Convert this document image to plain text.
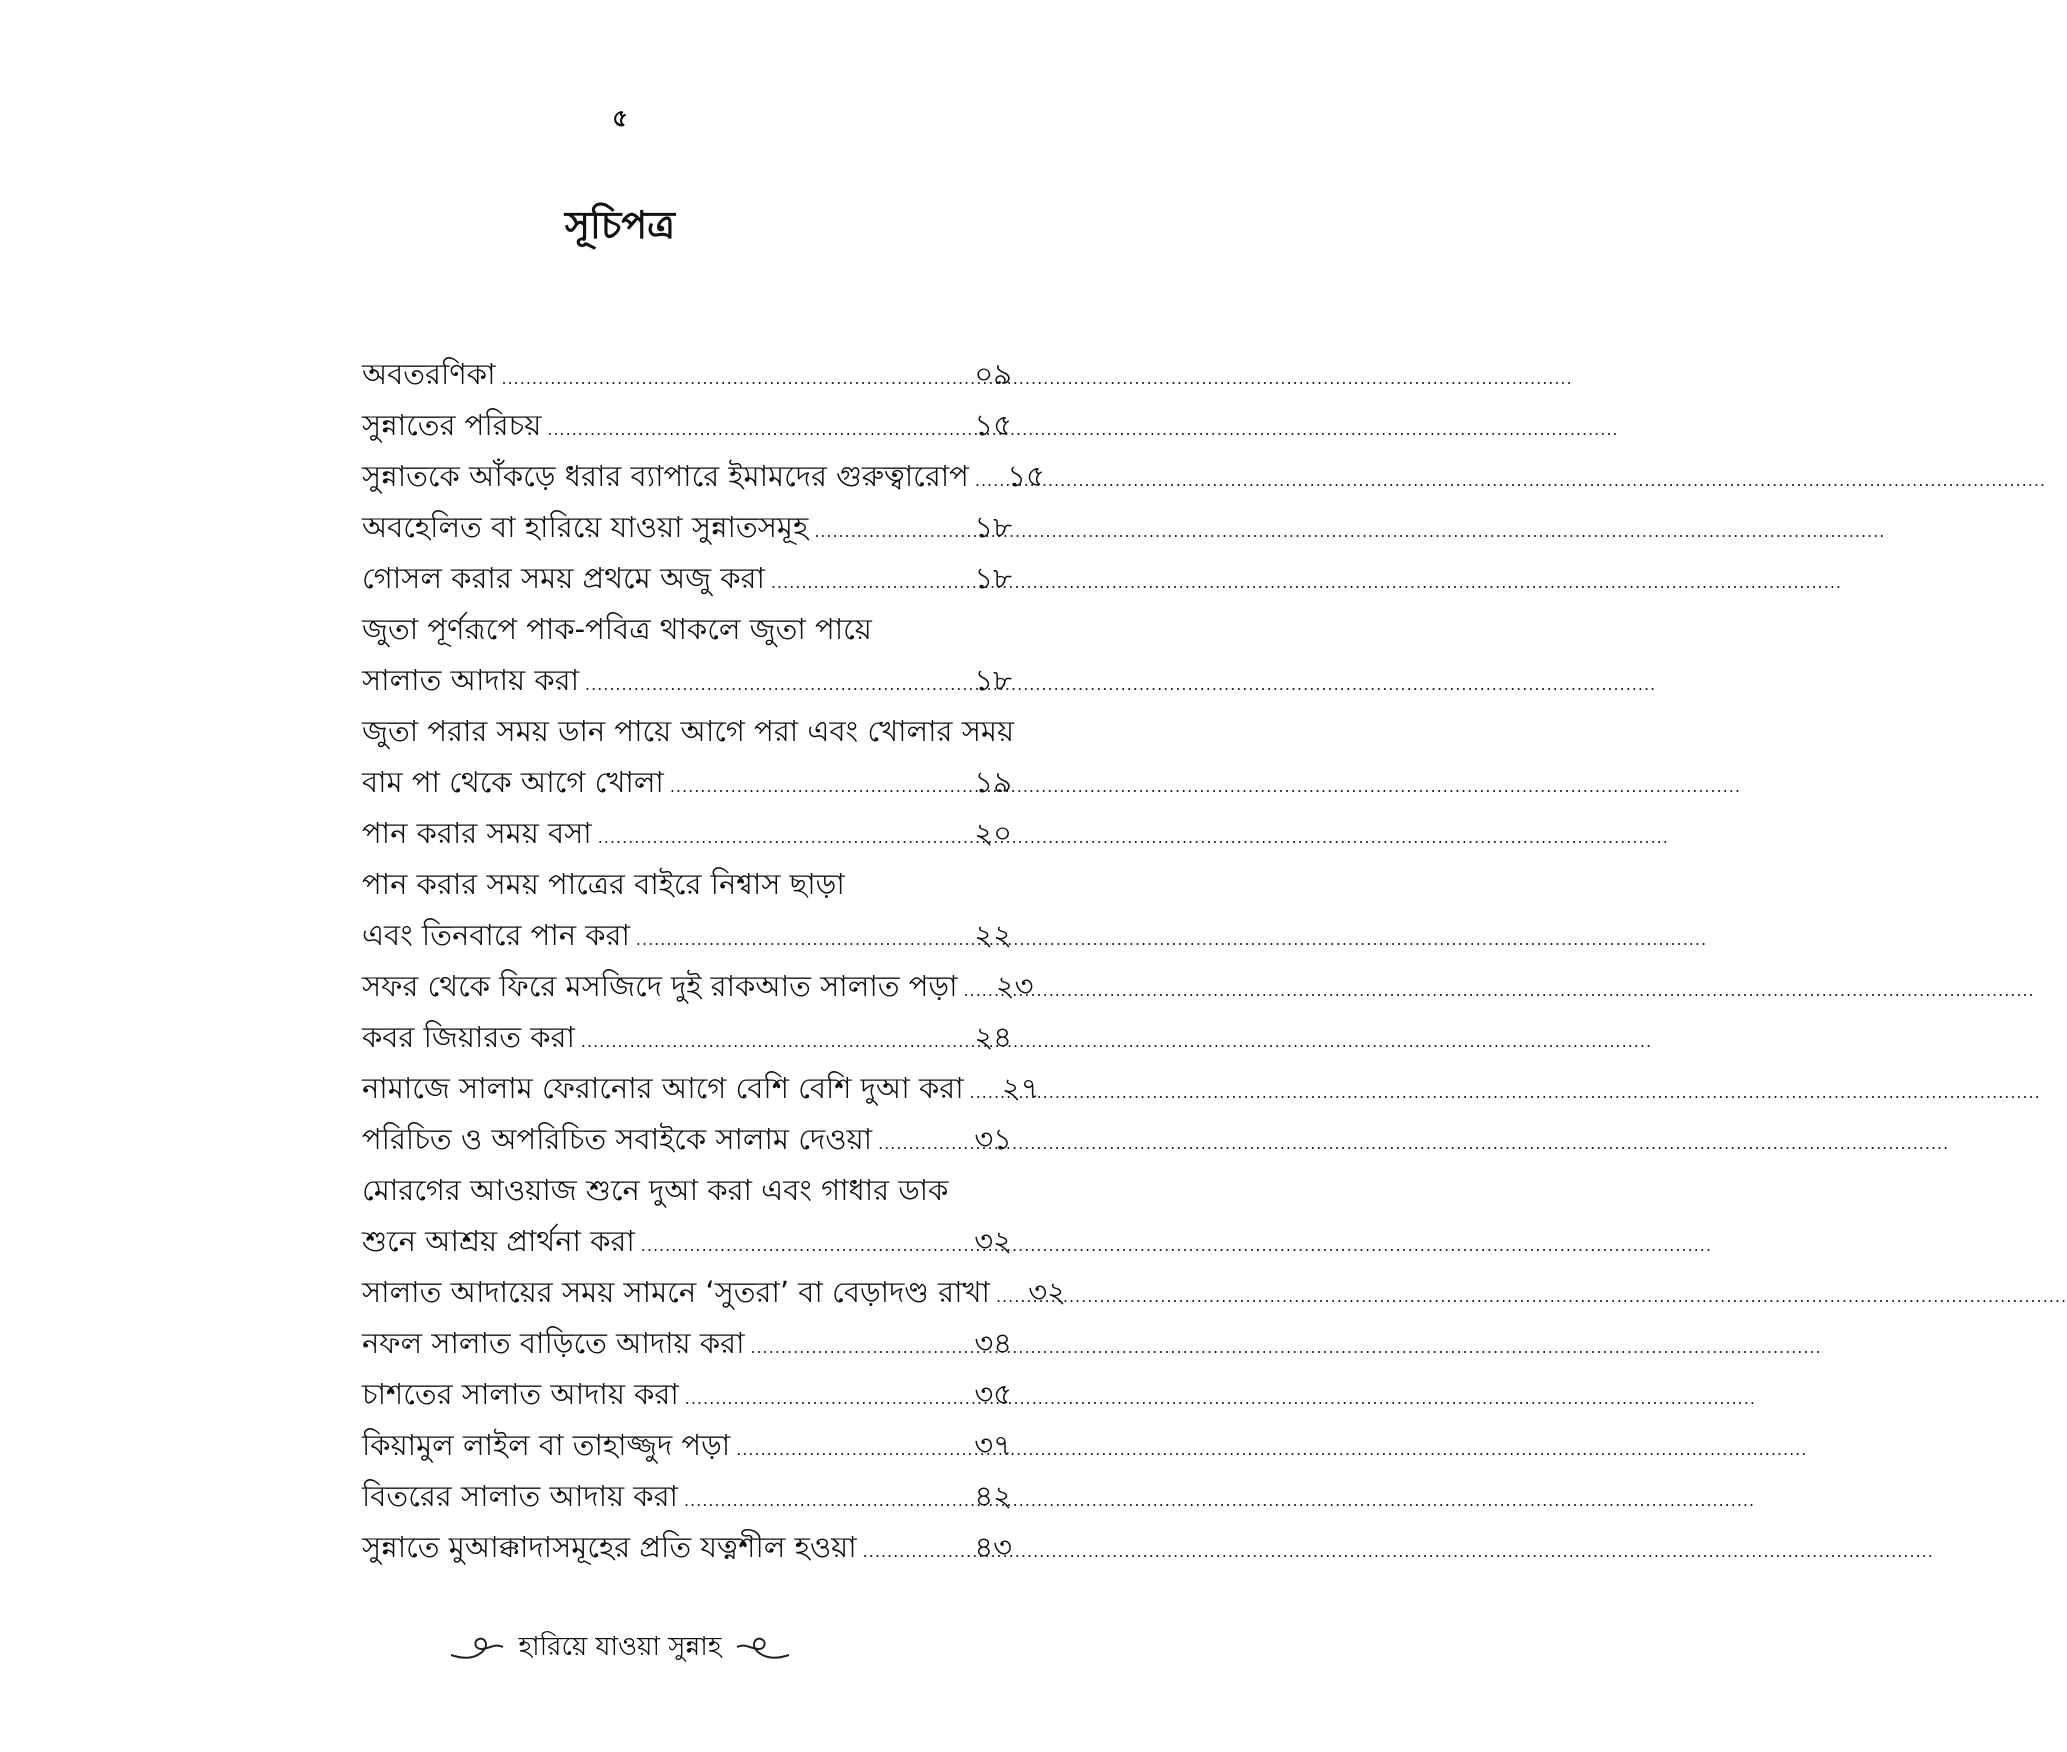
৫
সূচিপত্র
অবতরণিকা .....	০৯
সুন্নাতের পরিচয় .....	১৫
সুন্নাতকে আঁকড়ে ধরার ব্যাপারে ইমামদের গুরুত্বারোপ ..... ১৫
অবহেলিত বা হারিয়ে যাওয়া সুন্নাতসমূহ .....	১৮
গোসল করার সময় প্রথমে অজু করা .....	১৮
জুতা পূর্ণরূপে পাক-পবিত্র থাকলে জুতা পায়ে
সালাত আদায় করা .....	১৮
জুতা পরার সময় ডান পায়ে আগে পরা এবং খোলার সময়
বাম পা থেকে আগে খোলা .....	১৯
পান করার সময় বসা .....	২০
পান করার সময় পাত্রের বাইরে নিশ্বাস ছাড়া
এবং তিনবারে পান করা .....	২২
সফর থেকে ফিরে মসজিদে দুই রাকআত সালাত পড়া ..... ২৩
কবর জিয়ারত করা .....	২৪
নামাজে সালাম ফেরানোর আগে বেশি বেশি দুআ করা ..... ২৭
পরিচিত ও অপরিচিত সবাইকে সালাম দেওয়া .....	৩১
মোরগের আওয়াজ শুনে দুআ করা এবং গাধার ডাক
শুনে আশ্রয় প্রার্থনা করা .....	৩২
সালাত আদায়ের সময় সামনে ‘সুতরা’ বা বেড়াদণ্ড রাখা ..... ৩২
নফল সালাত বাড়িতে আদায় করা .....	৩৪
চাশতের সালাত আদায় করা .....	৩৫
কিয়ামুল লাইল বা তাহাজ্জুদ পড়া .....	৩৭
বিতরের সালাত আদায় করা .....	৪২
সুন্নাতে মুআক্কাদাসমূহের প্রতি যত্নশীল হওয়া .....	৪৩
হারিয়ে যাওয়া সুন্নাহ
